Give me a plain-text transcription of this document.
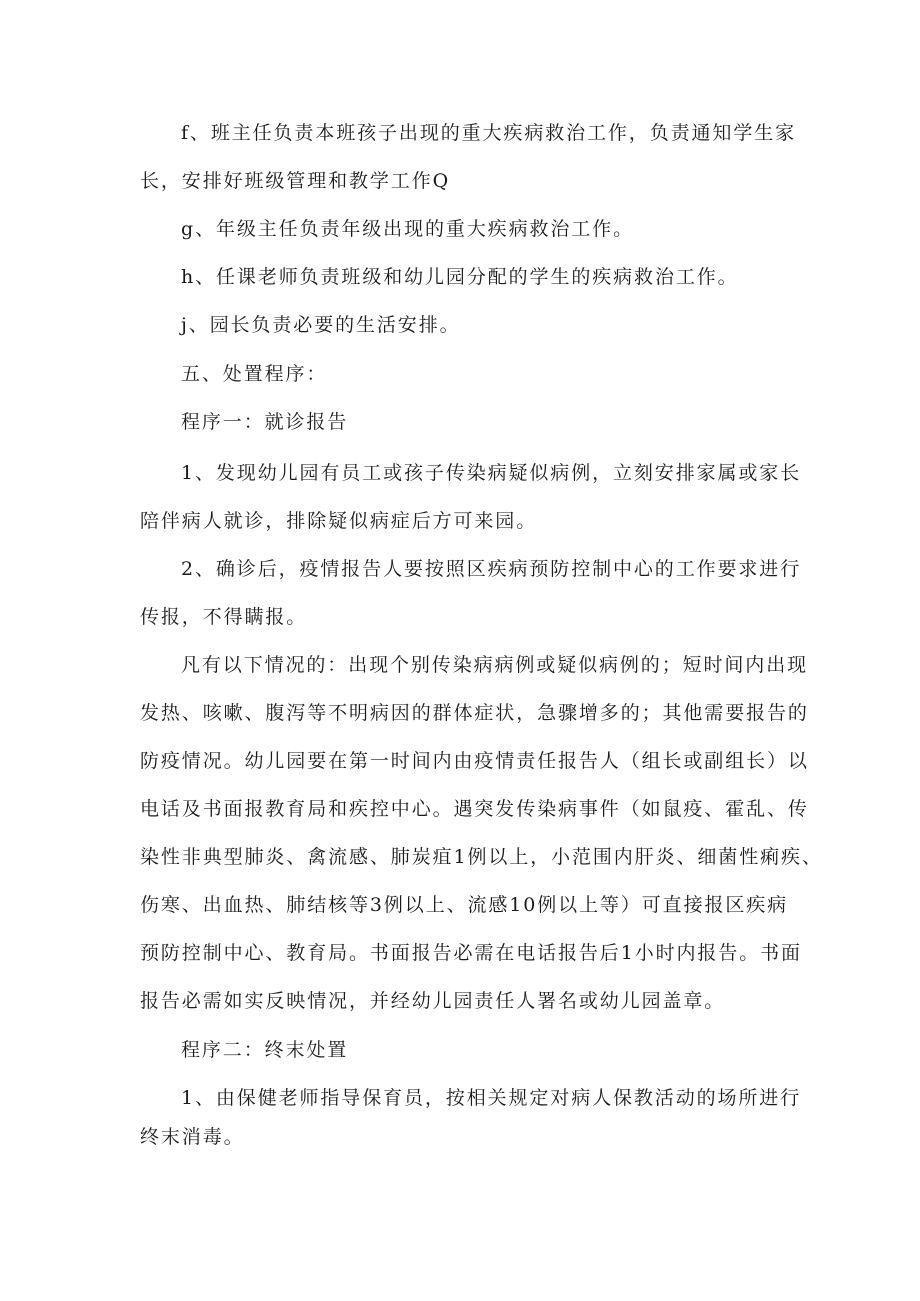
f、班主任负责本班孩子出现的重大疾病救治工作，负责通知学生家
长，安排好班级管理和教学工作Q
g、年级主任负责年级出现的重大疾病救治工作。
h、任课老师负责班级和幼儿园分配的学生的疾病救治工作。
j、园长负责必要的生活安排。
五、处置程序：
程序一：就诊报告
1、发现幼儿园有员工或孩子传染病疑似病例，立刻安排家属或家长
陪伴病人就诊，排除疑似病症后方可来园。
2、确诊后，疫情报告人要按照区疾病预防控制中心的工作要求进行
传报，不得瞒报。
凡有以下情况的：出现个别传染病病例或疑似病例的；短时间内出现
发热、咳嗽、腹泻等不明病因的群体症状，急骤增多的；其他需要报告的
防疫情况。幼儿园要在第一时间内由疫情责任报告人（组长或副组长）以
电话及书面报教育局和疾控中心。遇突发传染病事件（如鼠疫、霍乱、传
染性非典型肺炎、禽流感、肺炭疽1例以上，小范围内肝炎、细菌性痢疾、
伤寒、出血热、肺结核等3例以上、流感10例以上等）可直接报区疾病
预防控制中心、教育局。书面报告必需在电话报告后1小时内报告。书面
报告必需如实反映情况，并经幼儿园责任人署名或幼儿园盖章。
程序二：终末处置
1、由保健老师指导保育员，按相关规定对病人保教活动的场所进行
终末消毒。
